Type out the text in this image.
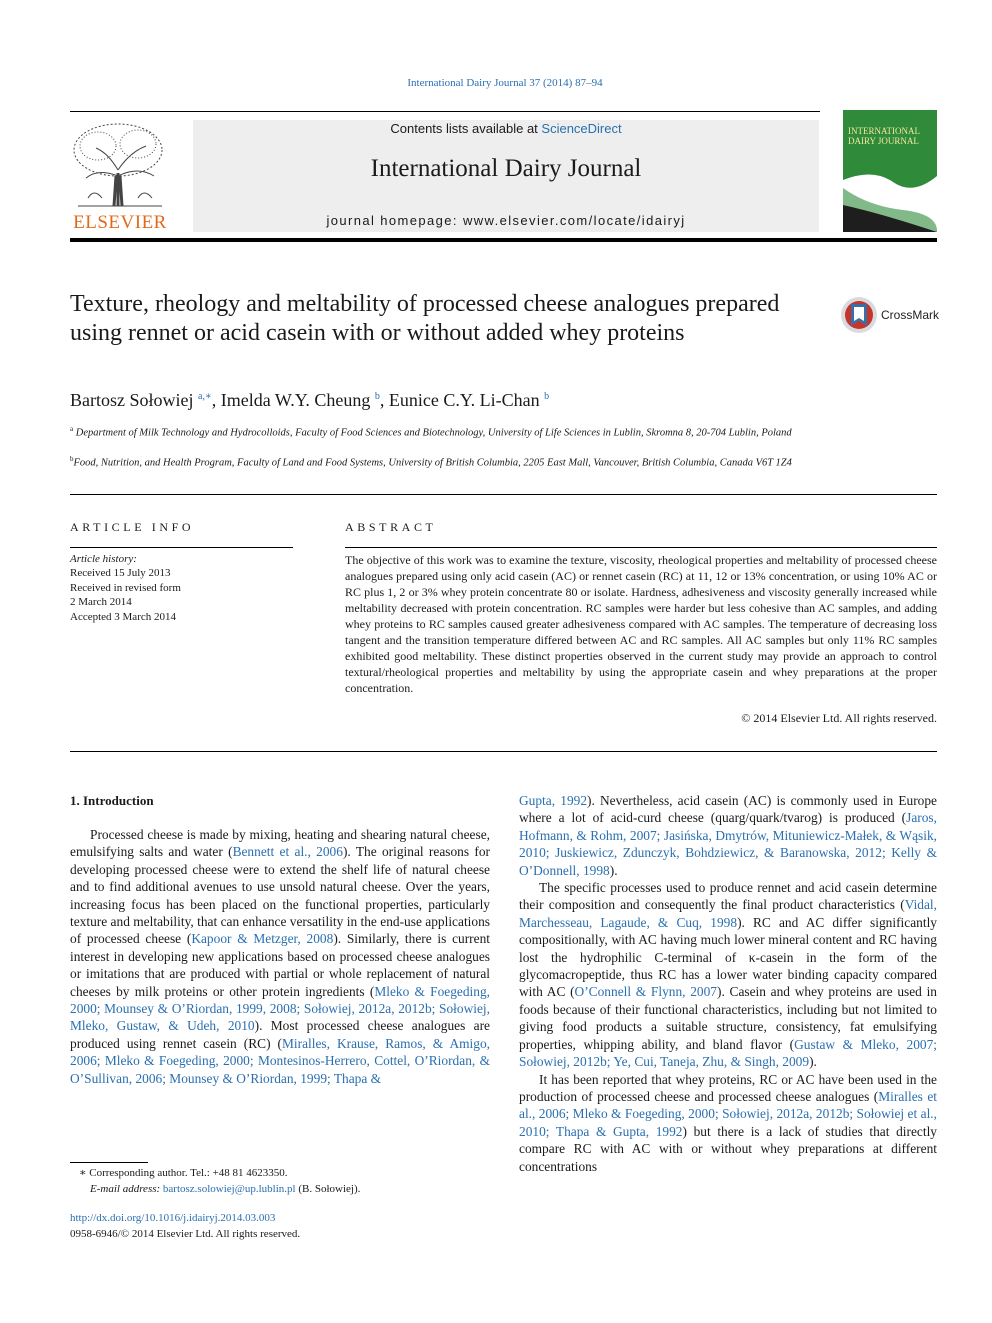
International Dairy Journal 37 (2014) 87–94
ELSEVIER
Contents lists available at ScienceDirect
International Dairy Journal
journal homepage: www.elsevier.com/locate/idairyj
INTERNATIONAL DAIRY JOURNAL
Texture, rheology and meltability of processed cheese analogues prepared using rennet or acid casein with or without added whey proteins
CrossMark
Bartosz Sołowiej $^{a,∗}$, Imelda W.Y. Cheung $^b$, Eunice C.Y. Li-Chan $^b$
$^a$ Department of Milk Technology and Hydrocolloids, Faculty of Food Sciences and Biotechnology, University of Life Sciences in Lublin, Skromna 8, 20-704 Lublin, Poland
$^b$Food, Nutrition, and Health Program, Faculty of Land and Food Systems, University of British Columbia, 2205 East Mall, Vancouver, British Columbia, Canada V6T 1Z4
ARTICLE INFO
Article history:
Received 15 July 2013
Received in revised form
2 March 2014
Accepted 3 March 2014
ABSTRACT
The objective of this work was to examine the texture, viscosity, rheological properties and meltability of processed cheese analogues prepared using only acid casein (AC) or rennet casein (RC) at 11, 12 or 13% concentration, or using 10% AC or RC plus 1, 2 or 3% whey protein concentrate 80 or isolate. Hardness, adhesiveness and viscosity generally increased while meltability decreased with protein concentration. RC samples were harder but less cohesive than AC samples, and adding whey proteins to RC samples caused greater adhesiveness compared with AC samples. The temperature of decreasing loss tangent and the transition temperature differed between AC and RC samples. All AC samples but only 11% RC samples exhibited good meltability. These distinct properties observed in the current study may provide an approach to control textural/rheological properties and meltability by using the appropriate casein and whey preparations at the proper concentration.
© 2014 Elsevier Ltd. All rights reserved.
1. Introduction

Processed cheese is made by mixing, heating and shearing natural cheese, emulsifying salts and water (Bennett et al., 2006). The original reasons for developing processed cheese were to extend the shelf life of natural cheese and to find additional avenues to use unsold natural cheese. Over the years, increasing focus has been placed on the functional properties, particularly texture and meltability, that can enhance versatility in the end-use applications of processed cheese (Kapoor & Metzger, 2008). Similarly, there is current interest in developing new applications based on processed cheese analogues or imitations that are produced with partial or whole replacement of natural cheeses by milk proteins or other protein ingredients (Mleko & Foegeding, 2000; Mounsey & O’Riordan, 1999, 2008; Sołowiej, 2012a, 2012b; Sołowiej, Mleko, Gustaw, & Udeh, 2010). Most processed cheese analogues are produced using rennet casein (RC) (Miralles, Krause, Ramos, & Amigo, 2006; Mleko & Foegeding, 2000; Montesinos-Herrero, Cottel, O’Riordan, & O’Sullivan, 2006; Mounsey & O’Riordan, 1999; Thapa &

Gupta, 1992). Nevertheless, acid casein (AC) is commonly used in Europe where a lot of acid-curd cheese (quarg/quark/tvarog) is produced (Jaros, Hofmann, & Rohm, 2007; Jasińska, Dmytrów, Mituniewicz-Małek, & Wąsik, 2010; Juskiewicz, Zdunczyk, Bohdziewicz, & Baranowska, 2012; Kelly & O’Donnell, 1998).

The specific processes used to produce rennet and acid casein determine their composition and consequently the final product characteristics (Vidal, Marchesseau, Lagaude, & Cuq, 1998). RC and AC differ significantly compositionally, with AC having much lower mineral content and RC having lost the hydrophilic C-terminal of κ-casein in the form of the glycomacropeptide, thus RC has a lower water binding capacity compared with AC (O’Connell & Flynn, 2007). Casein and whey proteins are used in foods because of their functional characteristics, including but not limited to giving food products a suitable structure, consistency, fat emulsifying properties, whipping ability, and bland flavor (Gustaw & Mleko, 2007; Sołowiej, 2012b; Ye, Cui, Taneja, Zhu, & Singh, 2009).

It has been reported that whey proteins, RC or AC have been used in the production of processed cheese and processed cheese analogues (Miralles et al., 2006; Mleko & Foegeding, 2000; Sołowiej, 2012a, 2012b; Sołowiej et al., 2010; Thapa & Gupta, 1992) but there is a lack of studies that directly compare RC with AC with or without whey preparations at different concentrations

∗ Corresponding author. Tel.: +48 81 4623350.
E-mail address: bartosz.solowiej@up.lublin.pl (B. Sołowiej).
http://dx.doi.org/10.1016/j.idairyj.2014.03.003
0958-6946/© 2014 Elsevier Ltd. All rights reserved.
